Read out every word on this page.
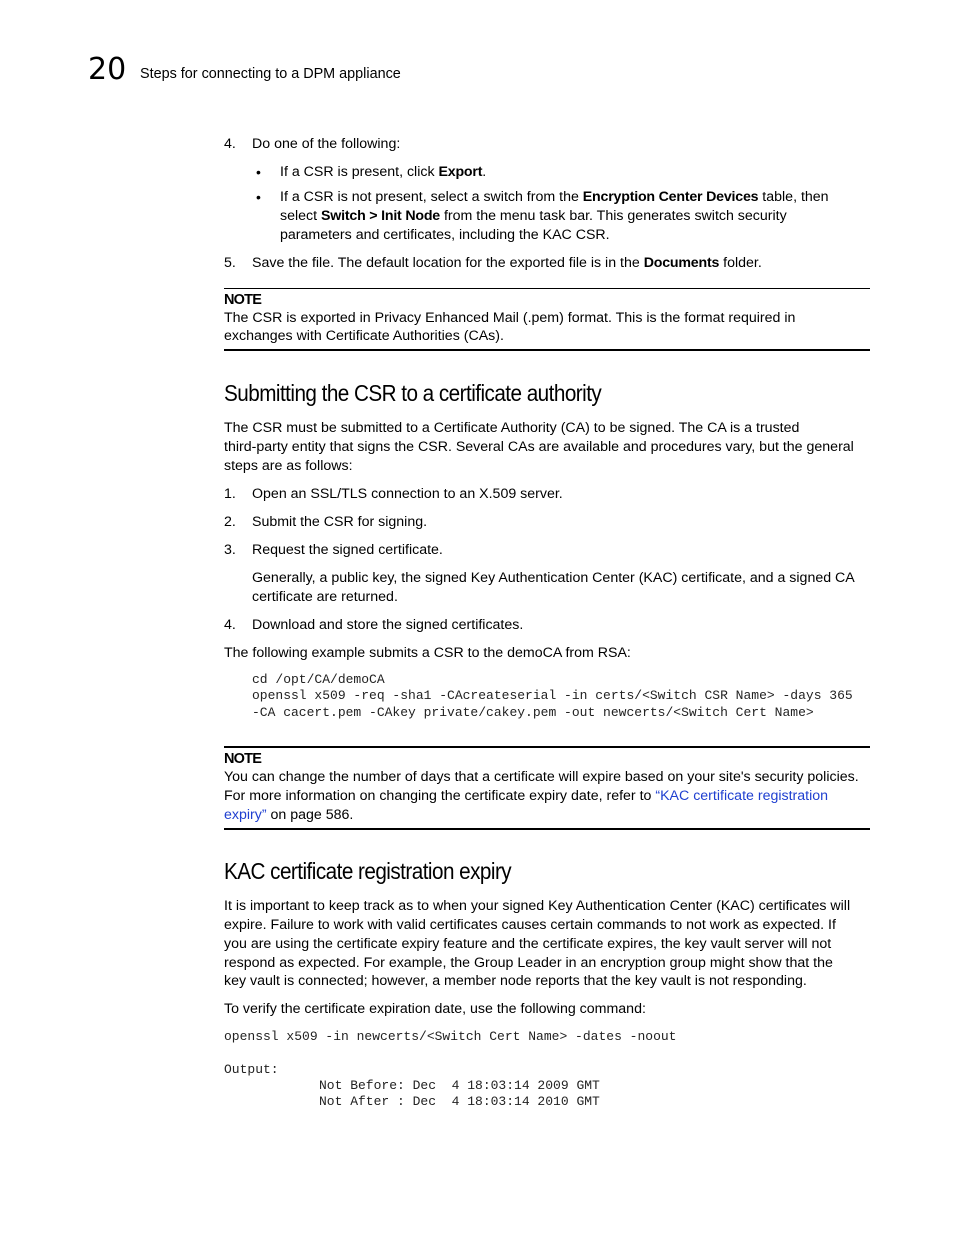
20 Steps for connecting to a DPM appliance
4. Do one of the following:
• If a CSR is present, click Export.
• If a CSR is not present, select a switch from the Encryption Center Devices table, then
select Switch > Init Node from the menu task bar. This generates switch security
parameters and certificates, including the KAC CSR.
5. Save the file. The default location for the exported file is in the Documents folder.
NOTE
The CSR is exported in Privacy Enhanced Mail (.pem) format. This is the format required in
exchanges with Certificate Authorities (CAs).
Submitting the CSR to a certificate authority
The CSR must be submitted to a Certificate Authority (CA) to be signed. The CA is a trusted
third-party entity that signs the CSR. Several CAs are available and procedures vary, but the general
steps are as follows:
1. Open an SSL/TLS connection to an X.509 server.
2. Submit the CSR for signing.
3. Request the signed certificate.
Generally, a public key, the signed Key Authentication Center (KAC) certificate, and a signed CA
certificate are returned.
4. Download and store the signed certificates.
The following example submits a CSR to the demoCA from RSA:
cd /opt/CA/demoCA
openssl x509 -req -sha1 -CAcreateserial -in certs/<Switch CSR Name> -days 365
-CA cacert.pem -CAkey private/cakey.pem -out newcerts/<Switch Cert Name>
NOTE
You can change the number of days that a certificate will expire based on your site's security policies.
For more information on changing the certificate expiry date, refer to “KAC certificate registration
expiry” on page 586.
KAC certificate registration expiry
It is important to keep track as to when your signed Key Authentication Center (KAC) certificates will
expire. Failure to work with valid certificates causes certain commands to not work as expected. If
you are using the certificate expiry feature and the certificate expires, the key vault server will not
respond as expected. For example, the Group Leader in an encryption group might show that the
key vault is connected; however, a member node reports that the key vault is not responding.
To verify the certificate expiration date, use the following command:
openssl x509 -in newcerts/<Switch Cert Name> -dates -noout
Output:
Not Before: Dec  4 18:03:14 2009 GMT
Not After : Dec  4 18:03:14 2010 GMT
